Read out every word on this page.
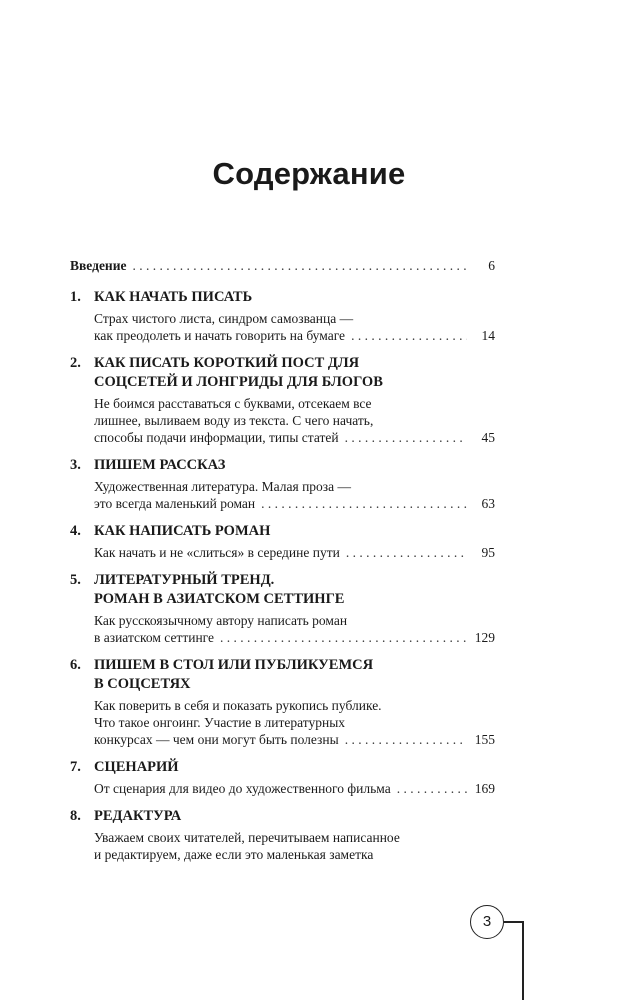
Содержание
Введение . . .	6
1. КАК НАЧАТЬ ПИСАТЬ
Страх чистого листа, синдром самозванца —
как преодолеть и начать говорить на бумаге . . .	14
2. КАК ПИСАТЬ КОРОТКИЙ ПОСТ ДЛЯ
СОЦСЕТЕЙ И ЛОНГРИДЫ ДЛЯ БЛОГОВ
Не боимся расставаться с буквами, отсекаем все
лишнее, выливаем воду из текста. С чего начать,
способы подачи информации, типы статей . . .	45
3. ПИШЕМ РАССКАЗ
Художественная литература. Малая проза —
это всегда маленький роман . . .	63
4. КАК НАПИСАТЬ РОМАН
Как начать и не «слиться» в середине пути . . .	95
5. ЛИТЕРАТУРНЫЙ ТРЕНД.
РОМАН В АЗИАТСКОМ СЕТТИНГЕ
Как русскоязычному автору написать роман
в азиатском сеттинге . . .	129
6. ПИШЕМ В СТОЛ ИЛИ ПУБЛИКУЕМСЯ
В СОЦСЕТЯХ
Как поверить в себя и показать рукопись публике.
Что такое онгоинг. Участие в литературных
конкурсах — чем они могут быть полезны . . .	155
7. СЦЕНАРИЙ
От сценария для видео до художественного фильма . . .	169
8. РЕДАКТУРА
Уважаем своих читателей, перечитываем написанное
и редактируем, даже если это маленькая заметка
3
